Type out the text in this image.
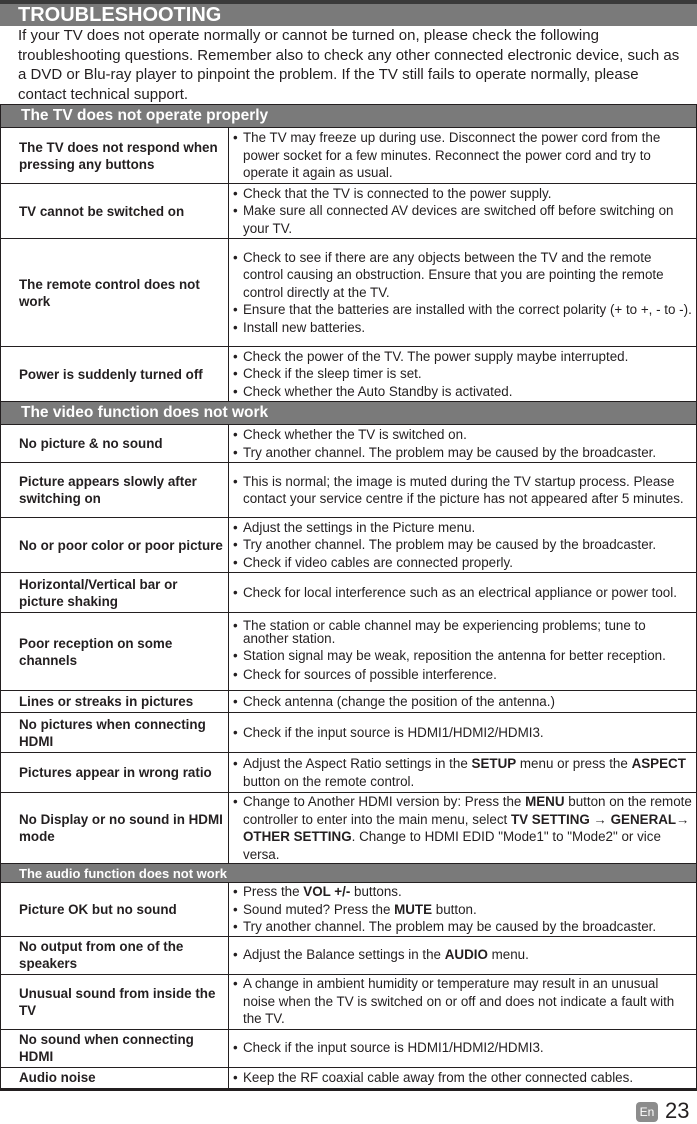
TROUBLESHOOTING
If your TV does not operate normally or cannot be turned on, please check the following troubleshooting questions. Remember also to check any other connected electronic device, such as a DVD or Blu-ray player to pinpoint the problem. If the TV still fails to operate normally, please contact technical support.
The TV does not operate properly	
The TV does not respond when pressing any buttons	• The TV may freeze up during use. Disconnect the power cord from the power socket for a few minutes. Reconnect the power cord and try to operate it again as usual.

TV cannot be switched on	• Check that the TV is connected to the power supply.
• Make sure all connected AV devices are switched off before switching on your TV.

The remote control does not work	• Check to see if there are any objects between the TV and the remote control causing an obstruction. Ensure that you are pointing the remote control directly at the TV.
• Ensure that the batteries are installed with the correct polarity (+ to +, - to -).
• Install new batteries.

Power is suddenly turned off	• Check the power of the TV. The power supply maybe interrupted.
• Check if the sleep timer is set.
• Check whether the Auto Standby is activated.

The video function does not work	
No picture & no sound	• Check whether the TV is switched on.
• Try another channel. The problem may be caused by the broadcaster.

Picture appears slowly after switching on	• This is normal; the image is muted during the TV startup process. Please contact your service centre if the picture has not appeared after 5 minutes.

No or poor color or poor picture	• Adjust the settings in the Picture menu.
• Try another channel. The problem may be caused by the broadcaster.
• Check if video cables are connected properly.

Horizontal/Vertical bar or picture shaking	• Check for local interference such as an electrical appliance or power tool.

Poor reception on some channels	• The station or cable channel may be experiencing problems; tune to another station.
• Station signal may be weak, reposition the antenna for better reception.
• Check for sources of possible interference.

Lines or streaks in pictures	• Check antenna (change the position of the antenna.)

No pictures when connecting HDMI	• Check if the input source is HDMI1/HDMI2/HDMI3.

Pictures appear in wrong ratio	• Adjust the Aspect Ratio settings in the SETUP menu or press the ASPECT button on the remote control.

No Display or no sound in HDMI mode	• Change to Another HDMI version by: Press the MENU button on the remote controller to enter into the main menu, select TV SETTING → GENERAL→ OTHER SETTING. Change to HDMI EDID "Mode1" to "Mode2" or vice versa.

The audio function does not work	
Picture OK but no sound	• Press the VOL +/- buttons.
• Sound muted? Press the MUTE button.
• Try another channel. The problem may be caused by the broadcaster.

No output from one of the speakers	• Adjust the Balance settings in the AUDIO menu.

Unusual sound from inside the TV	• A change in ambient humidity or temperature may result in an unusual noise when the TV is switched on or off and does not indicate a fault with the TV.

No sound when connecting HDMI	• Check if the input source is HDMI1/HDMI2/HDMI3.

Audio noise	• Keep the RF coaxial cable away from the other connected cables.
En 23
